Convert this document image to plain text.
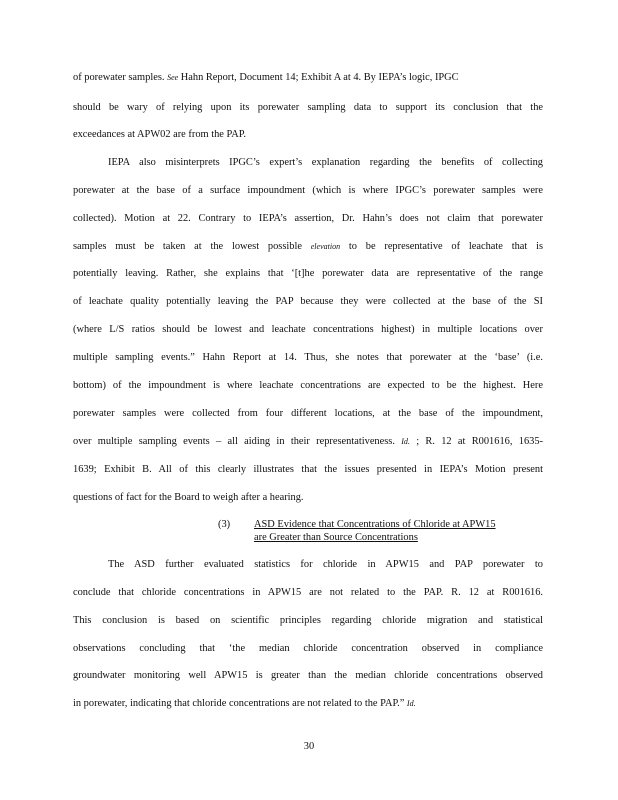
of porewater samples. See Hahn Report, Document 14; Exhibit A at 4. By IEPA’s logic, IPGC
should be wary of relying upon its porewater sampling data to support its conclusion that the
exceedances at APW02 are from the PAP.
IEPA also misinterprets IPGC’s expert’s explanation regarding the benefits of collecting
porewater at the base of a surface impoundment (which is where IPGC’s porewater samples were
collected). Motion at 22. Contrary to IEPA’s assertion, Dr. Hahn’s does not claim that porewater
samples must be taken at the lowest possible elevation to be representative of leachate that is
potentially leaving. Rather, she explains that ‘[t]he porewater data are representative of the range
of leachate quality potentially leaving the PAP because they were collected at the base of the SI
(where L/S ratios should be lowest and leachate concentrations highest) in multiple locations over
multiple sampling events.” Hahn Report at 14. Thus, she notes that porewater at the ‘base’ (i.e.
bottom) of the impoundment is where leachate concentrations are expected to be the highest. Here
porewater samples were collected from four different locations, at the base of the impoundment,
over multiple sampling events – all aiding in their representativeness. Id. ; R. 12 at R001616, 1635-
1639; Exhibit B. All of this clearly illustrates that the issues presented in IEPA’s Motion present
questions of fact for the Board to weigh after a hearing.
(3) ASD Evidence that Concentrations of Chloride at APW15
are Greater than Source Concentrations
The ASD further evaluated statistics for chloride in APW15 and PAP porewater to
conclude that chloride concentrations in APW15 are not related to the PAP. R. 12 at R001616.
This conclusion is based on scientific principles regarding chloride migration and statistical
observations concluding that ‘the median chloride concentration observed in compliance
groundwater monitoring well APW15 is greater than the median chloride concentrations observed
in porewater, indicating that chloride concentrations are not related to the PAP.” Id.
30
